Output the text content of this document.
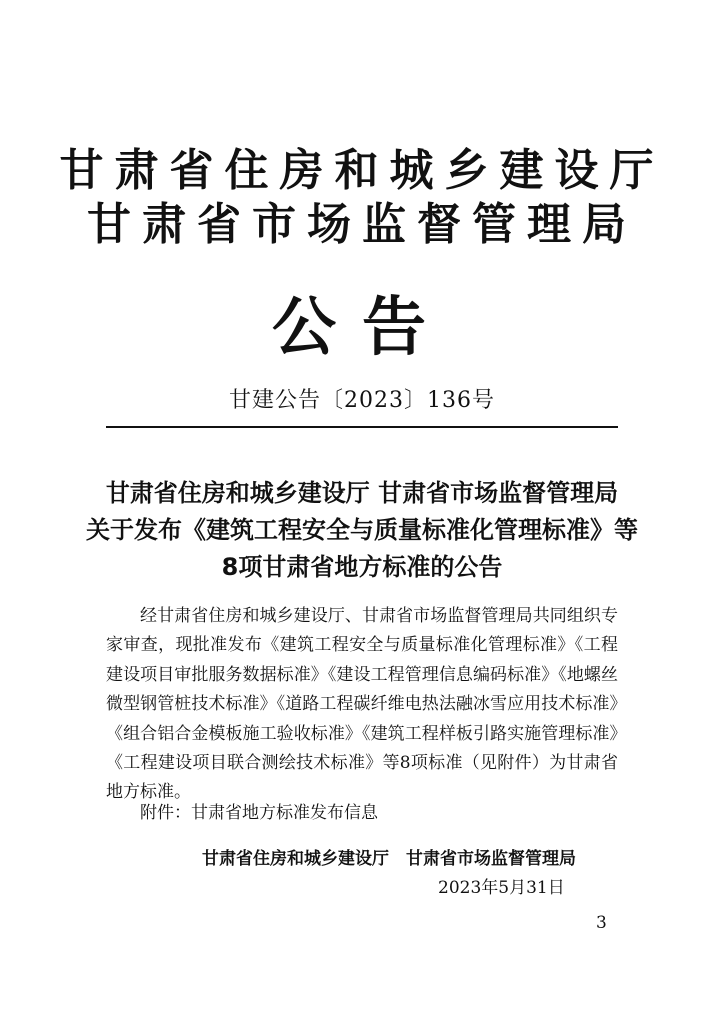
甘肃省住房和城乡建设厅
甘肃省市场监督管理局
公告
甘建公告〔2023〕136号
甘肃省住房和城乡建设厅 甘肃省市场监督管理局
关于发布《建筑工程安全与质量标准化管理标准》等
8项甘肃省地方标准的公告
经甘肃省住房和城乡建设厅、甘肃省市场监督管理局共同组织专家审查，现批准发布《建筑工程安全与质量标准化管理标准》《工程建设项目审批服务数据标准》《建设工程管理信息编码标准》《地螺丝微型钢管桩技术标准》《道路工程碳纤维电热法融冰雪应用技术标准》《组合铝合金模板施工验收标准》《建筑工程样板引路实施管理标准》《工程建设项目联合测绘技术标准》等8项标准（见附件）为甘肃省地方标准。
附件：甘肃省地方标准发布信息
甘肃省住房和城乡建设厅　甘肃省市场监督管理局
2023年5月31日
3
